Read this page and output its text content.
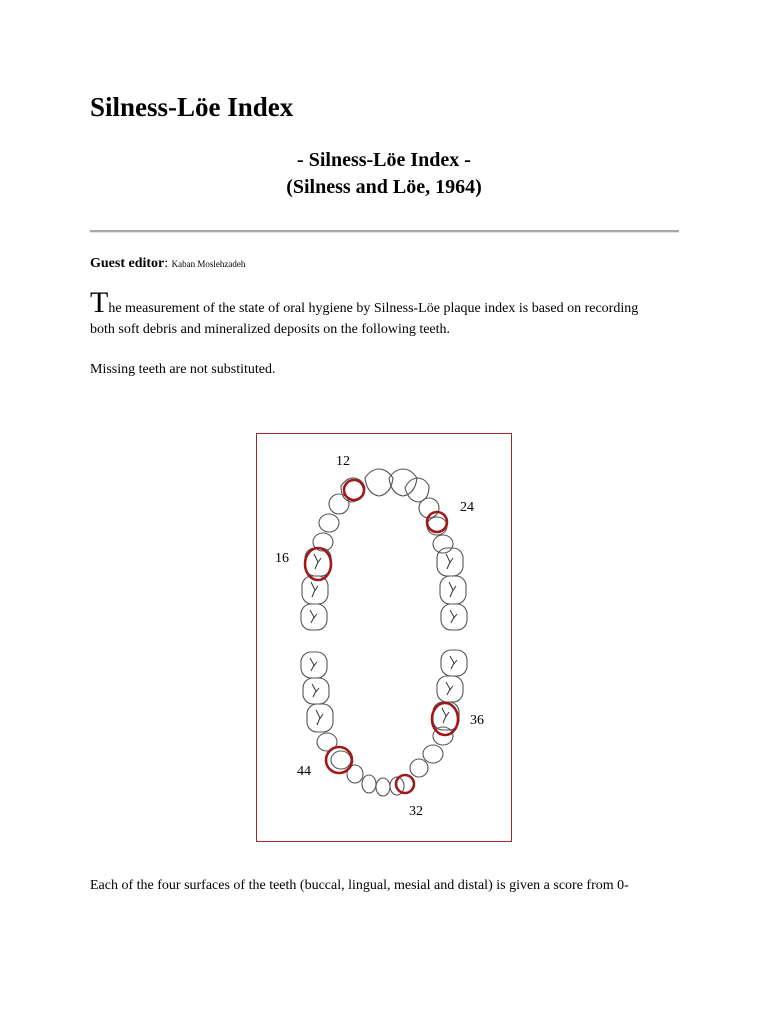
Silness-Löe Index
- Silness-Löe Index -
(Silness and Löe, 1964)
Guest editor: Kaban Moslehzadeh

The measurement of the state of oral hygiene by Silness-Löe plaque index is based on recording both soft debris and mineralized deposits on the following teeth.

Missing teeth are not substituted.

12
24
16
36
44
32

Each of the four surfaces of the teeth (buccal, lingual, mesial and distal) is given a score from 0-
